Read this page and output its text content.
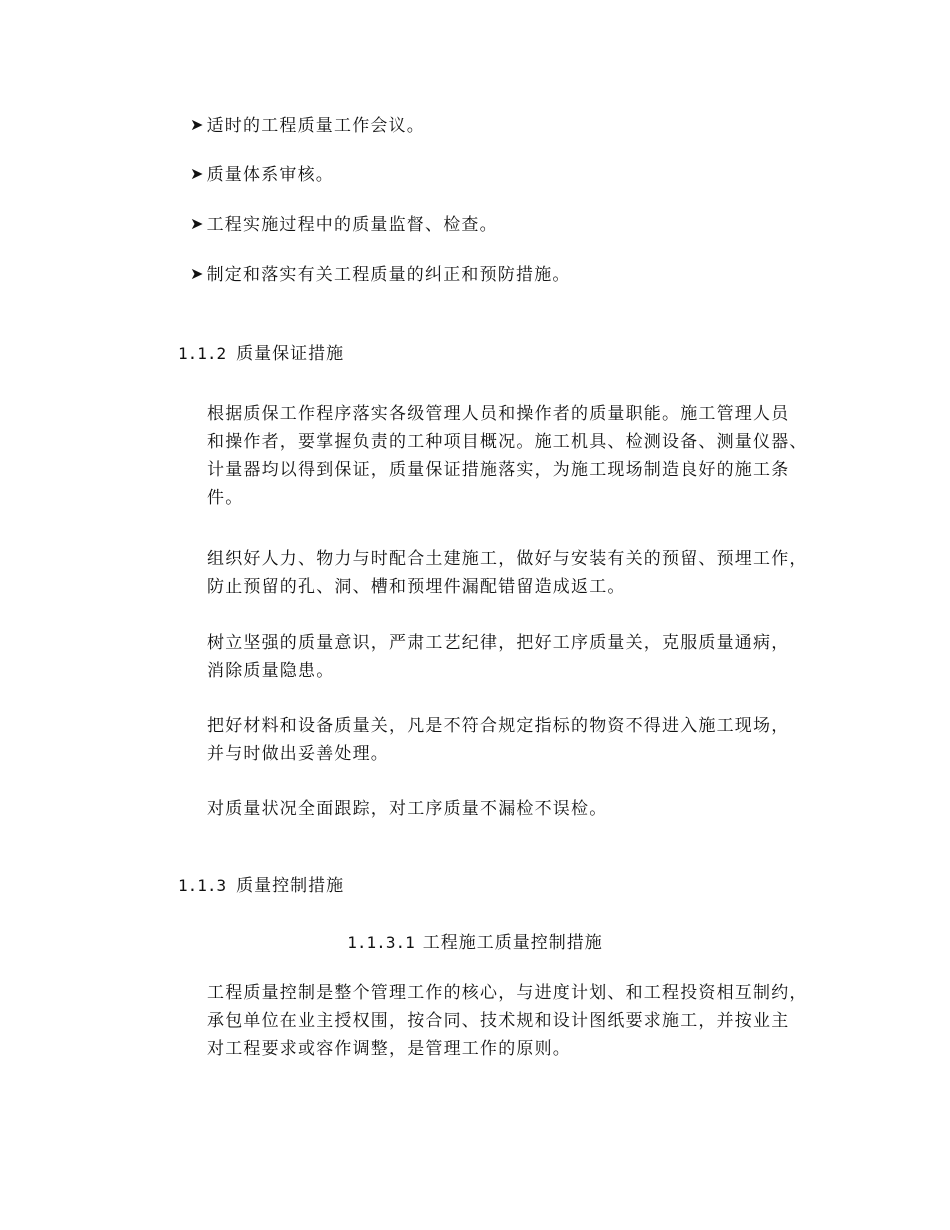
➤ 适时的工程质量工作会议。
➤ 质量体系审核。
➤ 工程实施过程中的质量监督、检查。
➤ 制定和落实有关工程质量的纠正和预防措施。
1.1.2 质量保证措施
根据质保工作程序落实各级管理人员和操作者的质量职能。施工管理人员
和操作者，要掌握负责的工种项目概况。施工机具、检测设备、测量仪器、
计量器均以得到保证，质量保证措施落实，为施工现场制造良好的施工条
件。
组织好人力、物力与时配合土建施工，做好与安装有关的预留、预埋工作，
防止预留的孔、洞、槽和预埋件漏配错留造成返工。
树立坚强的质量意识，严肃工艺纪律，把好工序质量关，克服质量通病，
消除质量隐患。
把好材料和设备质量关，凡是不符合规定指标的物资不得进入施工现场，
并与时做出妥善处理。
对质量状况全面跟踪，对工序质量不漏检不误检。
1.1.3 质量控制措施
1.1.3.1 工程施工质量控制措施
工程质量控制是整个管理工作的核心，与进度计划、和工程投资相互制约，
承包单位在业主授权围，按合同、技术规和设计图纸要求施工，并按业主
对工程要求或容作调整，是管理工作的原则。
